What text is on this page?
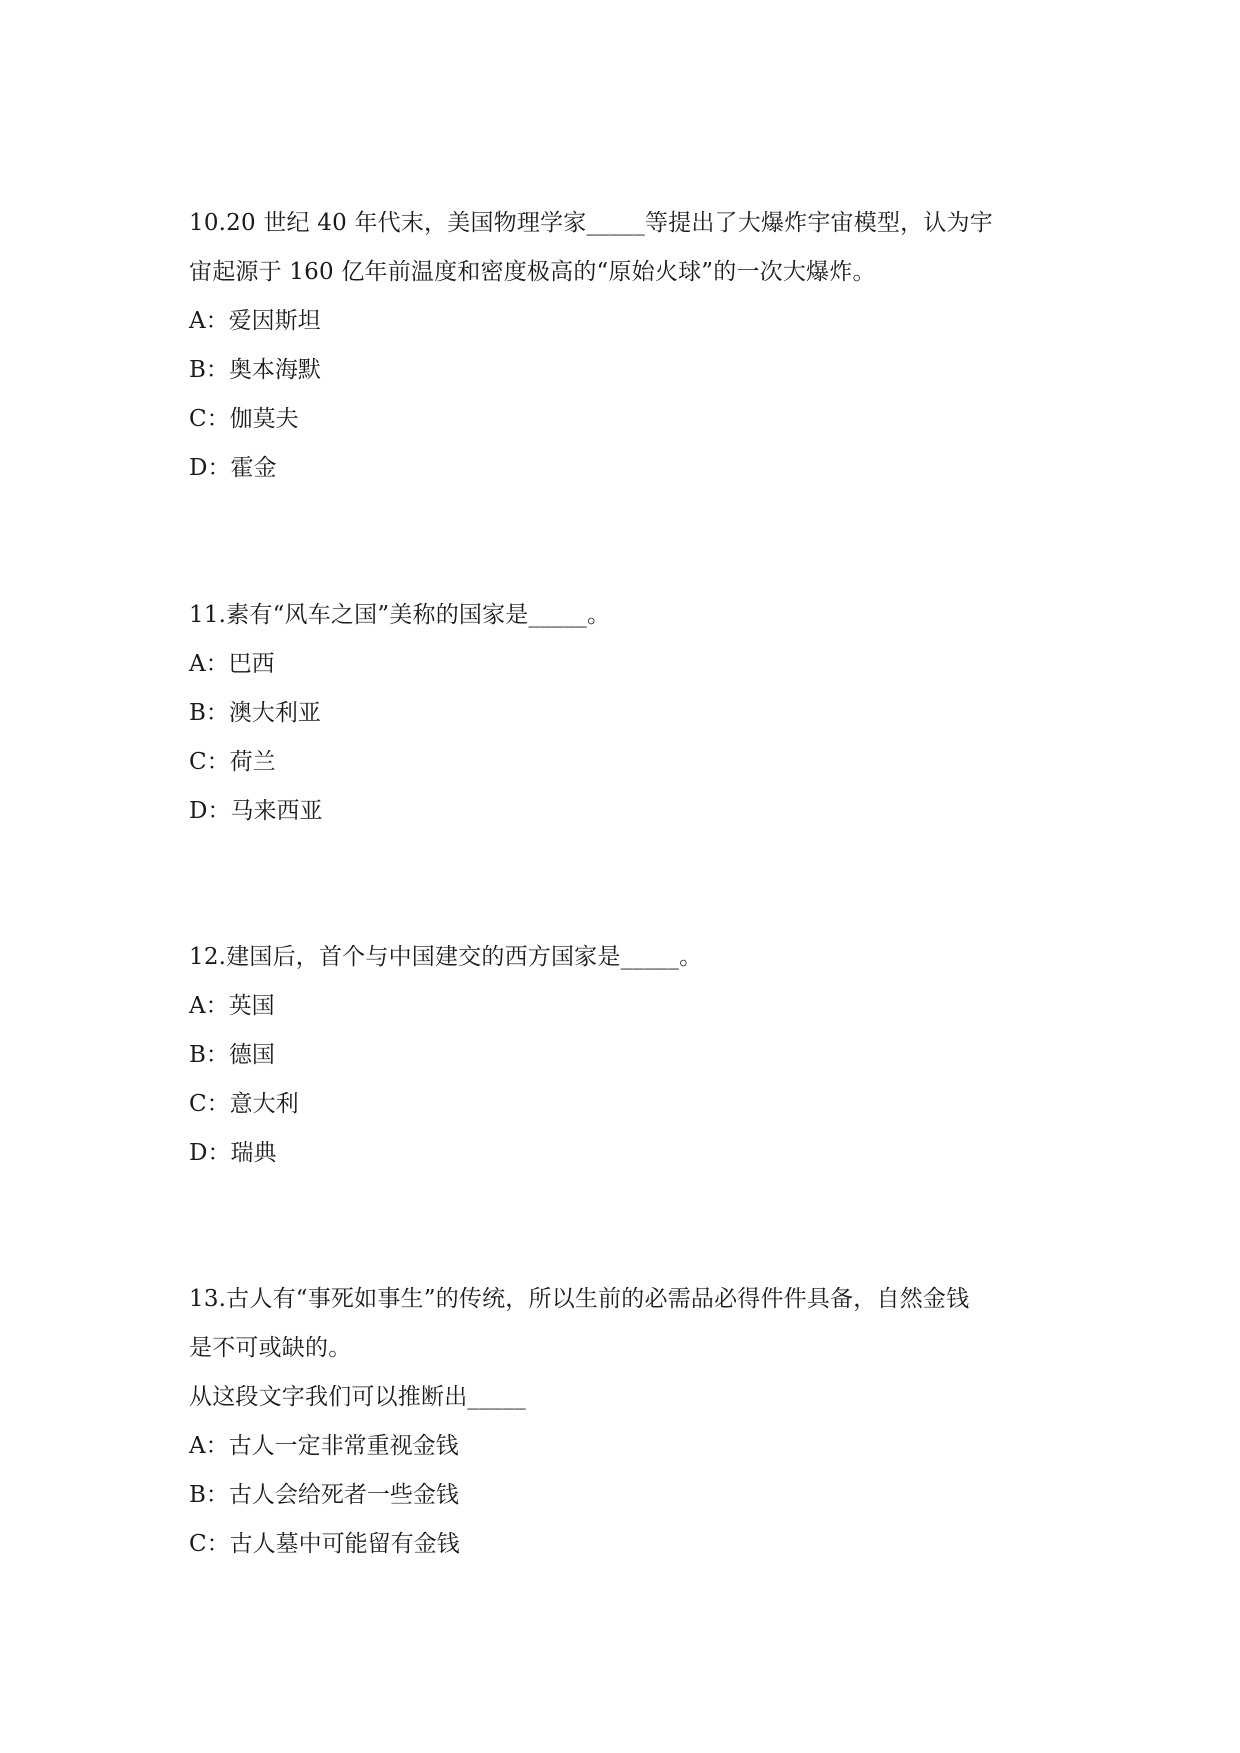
10.20 世纪 40 年代末，美国物理学家_____等提出了大爆炸宇宙模型，认为宇
宙起源于 160 亿年前温度和密度极高的“原始火球”的一次大爆炸。
A：爱因斯坦
B：奥本海默
C：伽莫夫
D：霍金
11.素有“风车之国”美称的国家是_____。
A：巴西
B：澳大利亚
C：荷兰
D：马来西亚
12.建国后，首个与中国建交的西方国家是_____。
A：英国
B：德国
C：意大利
D：瑞典
13.古人有“事死如事生”的传统，所以生前的必需品必得件件具备，自然金钱
是不可或缺的。
从这段文字我们可以推断出_____
A：古人一定非常重视金钱
B：古人会给死者一些金钱
C：古人墓中可能留有金钱
